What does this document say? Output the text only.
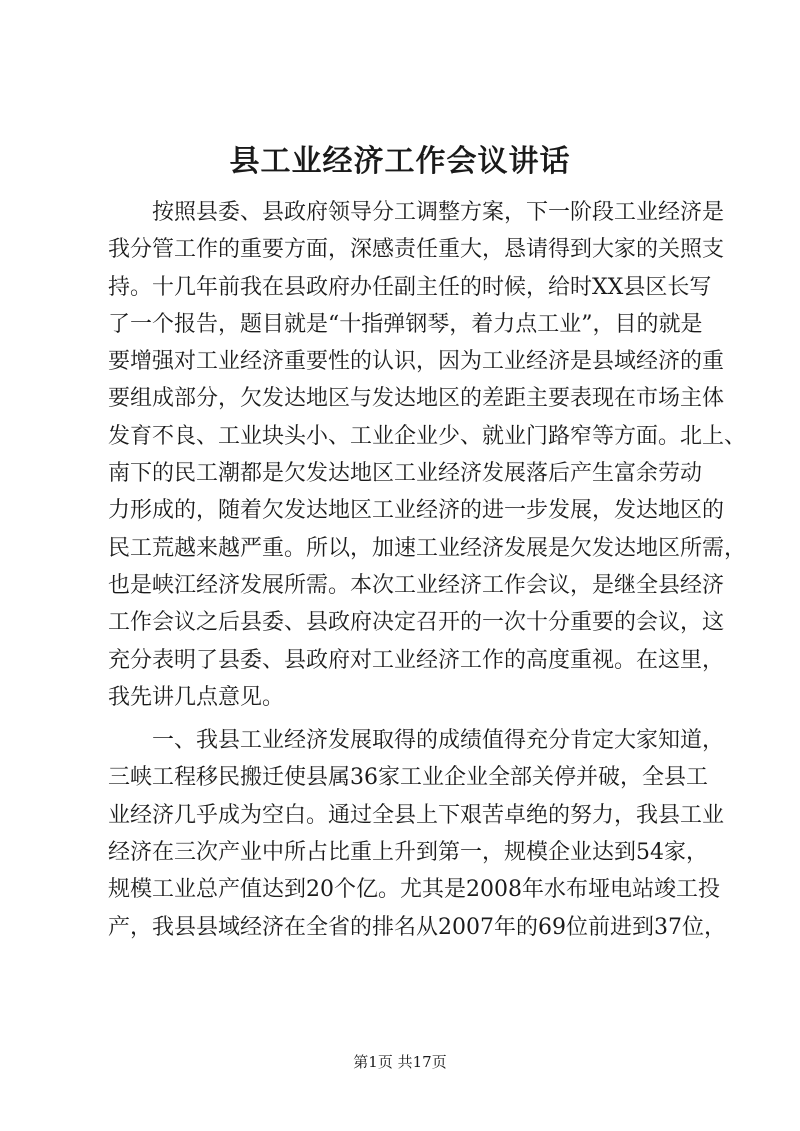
县工业经济工作会议讲话
按照县委、县政府领导分工调整方案，下一阶段工业经济是
我分管工作的重要方面，深感责任重大，恳请得到大家的关照支
持。十几年前我在县政府办任副主任的时候，给时XX县区长写
了一个报告，题目就是“十指弹钢琴，着力点工业”，目的就是
要增强对工业经济重要性的认识，因为工业经济是县域经济的重
要组成部分，欠发达地区与发达地区的差距主要表现在市场主体
发育不良、工业块头小、工业企业少、就业门路窄等方面。北上、
南下的民工潮都是欠发达地区工业经济发展落后产生富余劳动
力形成的，随着欠发达地区工业经济的进一步发展，发达地区的
民工荒越来越严重。所以，加速工业经济发展是欠发达地区所需，
也是峡江经济发展所需。本次工业经济工作会议，是继全县经济
工作会议之后县委、县政府决定召开的一次十分重要的会议，这
充分表明了县委、县政府对工业经济工作的高度重视。在这里，
我先讲几点意见。
一、我县工业经济发展取得的成绩值得充分肯定大家知道，
三峡工程移民搬迁使县属36家工业企业全部关停并破，全县工
业经济几乎成为空白。通过全县上下艰苦卓绝的努力，我县工业
经济在三次产业中所占比重上升到第一，规模企业达到54家，
规模工业总产值达到20个亿。尤其是2008年水布垭电站竣工投
产，我县县域经济在全省的排名从2007年的69位前进到37位，
第1页 共17页
